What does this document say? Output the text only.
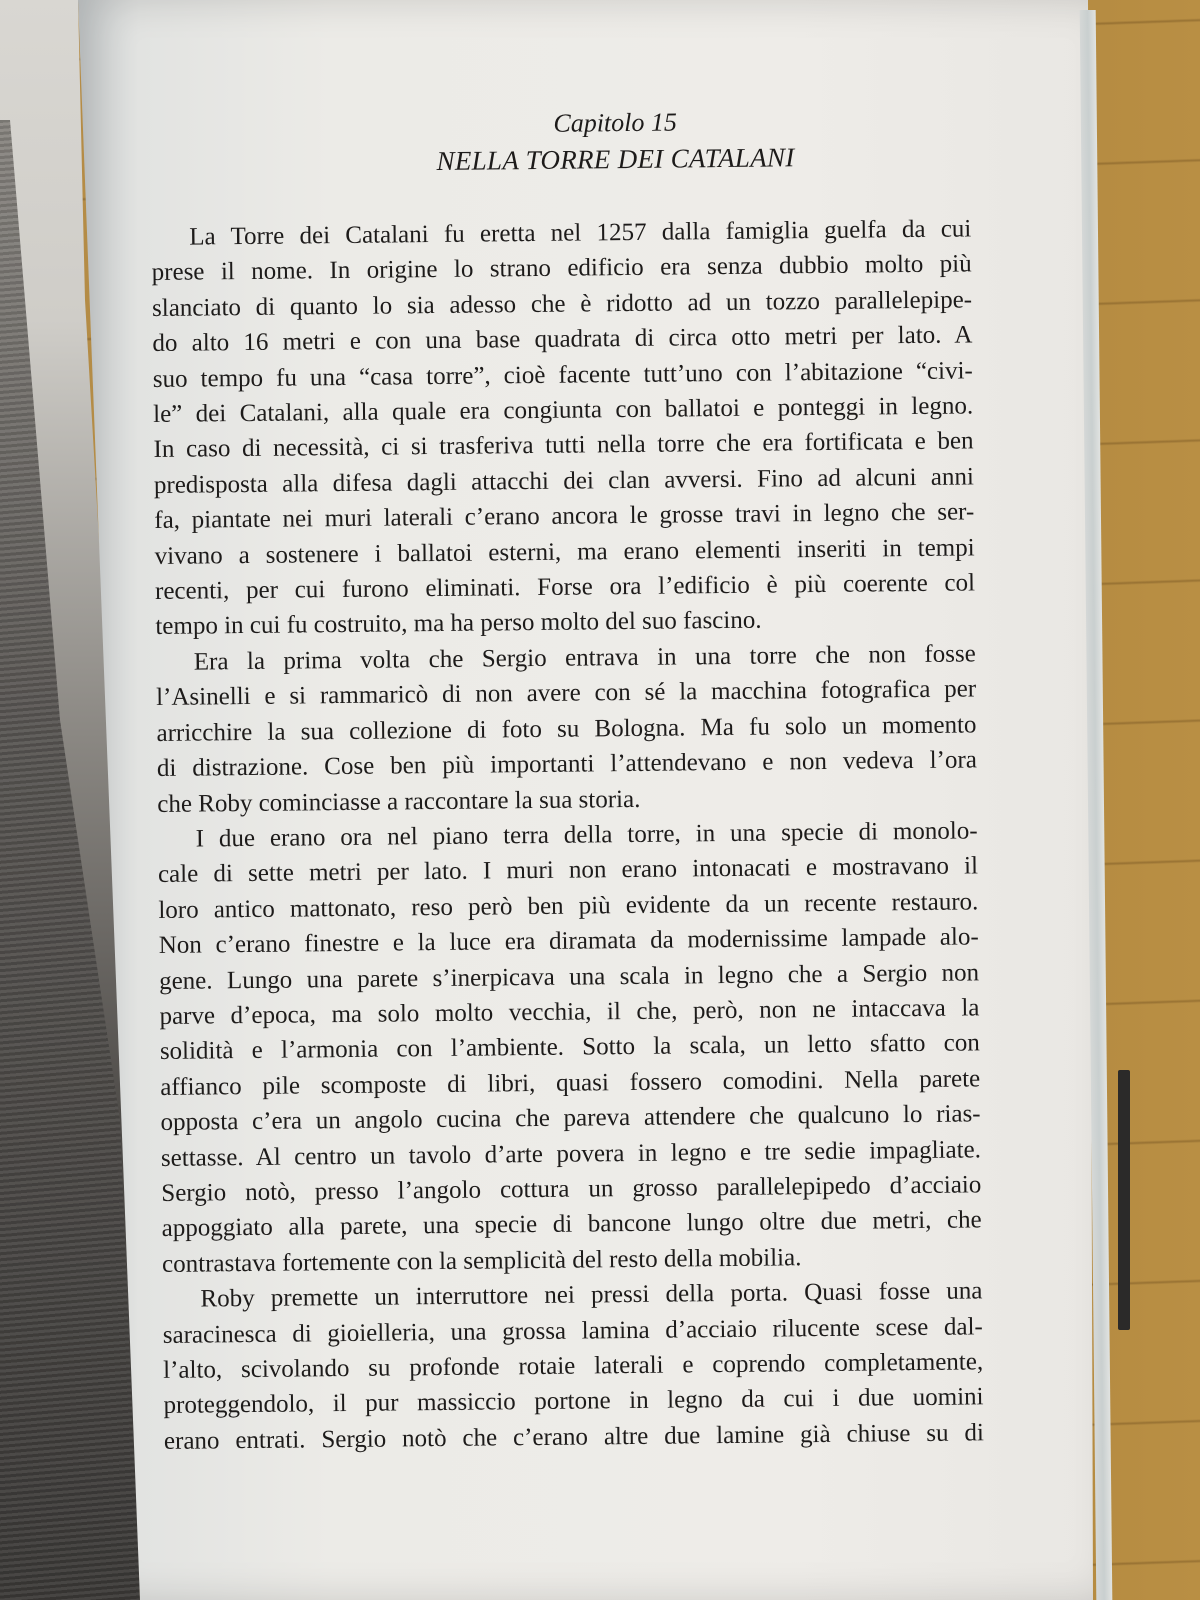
Capitolo 15
NELLA TORRE DEI CATALANI
La Torre dei Catalani fu eretta nel 1257 dalla famiglia guelfa da cui
prese il nome. In origine lo strano edificio era senza dubbio molto più
slanciato di quanto lo sia adesso che è ridotto ad un tozzo parallelepipe-
do alto 16 metri e con una base quadrata di circa otto metri per lato. A
suo tempo fu una “casa torre”, cioè facente tutt’uno con l’abitazione “civi-
le” dei Catalani, alla quale era congiunta con ballatoi e ponteggi in legno.
In caso di necessità, ci si trasferiva tutti nella torre che era fortificata e ben
predisposta alla difesa dagli attacchi dei clan avversi. Fino ad alcuni anni
fa, piantate nei muri laterali c’erano ancora le grosse travi in legno che ser-
vivano a sostenere i ballatoi esterni, ma erano elementi inseriti in tempi
recenti, per cui furono eliminati. Forse ora l’edificio è più coerente col
tempo in cui fu costruito, ma ha perso molto del suo fascino.
Era la prima volta che Sergio entrava in una torre che non fosse
l’Asinelli e si rammaricò di non avere con sé la macchina fotografica per
arricchire la sua collezione di foto su Bologna. Ma fu solo un momento
di distrazione. Cose ben più importanti l’attendevano e non vedeva l’ora
che Roby cominciasse a raccontare la sua storia.
I due erano ora nel piano terra della torre, in una specie di monolo-
cale di sette metri per lato. I muri non erano intonacati e mostravano il
loro antico mattonato, reso però ben più evidente da un recente restauro.
Non c’erano finestre e la luce era diramata da modernissime lampade alo-
gene. Lungo una parete s’inerpicava una scala in legno che a Sergio non
parve d’epoca, ma solo molto vecchia, il che, però, non ne intaccava la
solidità e l’armonia con l’ambiente. Sotto la scala, un letto sfatto con
affianco pile scomposte di libri, quasi fossero comodini. Nella parete
opposta c’era un angolo cucina che pareva attendere che qualcuno lo rias-
settasse. Al centro un tavolo d’arte povera in legno e tre sedie impagliate.
Sergio notò, presso l’angolo cottura un grosso parallelepipedo d’acciaio
appoggiato alla parete, una specie di bancone lungo oltre due metri, che
contrastava fortemente con la semplicità del resto della mobilia.
Roby premette un interruttore nei pressi della porta. Quasi fosse una
saracinesca di gioielleria, una grossa lamina d’acciaio rilucente scese dal-
l’alto, scivolando su profonde rotaie laterali e coprendo completamente,
proteggendolo, il pur massiccio portone in legno da cui i due uomini
erano entrati. Sergio notò che c’erano altre due lamine già chiuse su di
